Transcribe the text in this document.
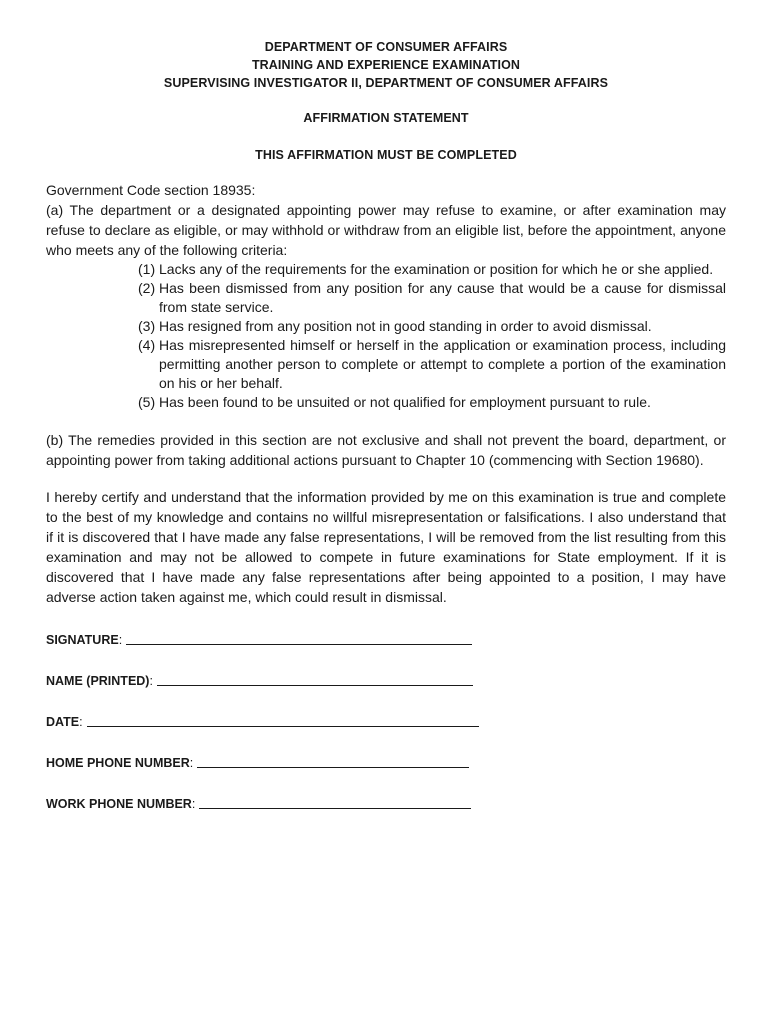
DEPARTMENT OF CONSUMER AFFAIRS
TRAINING AND EXPERIENCE EXAMINATION
SUPERVISING INVESTIGATOR II, DEPARTMENT OF CONSUMER AFFAIRS
AFFIRMATION STATEMENT
THIS AFFIRMATION MUST BE COMPLETED

Government Code section 18935:

(a) The department or a designated appointing power may refuse to examine, or after examination may refuse to declare as eligible, or may withhold or withdraw from an eligible list, before the appointment, anyone who meets any of the following criteria:

(1) Lacks any of the requirements for the examination or position for which he or she applied.
(2) Has been dismissed from any position for any cause that would be a cause for dismissal from state service.
(3) Has resigned from any position not in good standing in order to avoid dismissal.
(4) Has misrepresented himself or herself in the application or examination process, including permitting another person to complete or attempt to complete a portion of the examination on his or her behalf.
(5) Has been found to be unsuited or not qualified for employment pursuant to rule.

(b) The remedies provided in this section are not exclusive and shall not prevent the board, department, or appointing power from taking additional actions pursuant to Chapter 10 (commencing with Section 19680).

I hereby certify and understand that the information provided by me on this examination is true and complete to the best of my knowledge and contains no willful misrepresentation or falsifications. I also understand that if it is discovered that I have made any false representations, I will be removed from the list resulting from this examination and may not be allowed to compete in future examinations for State employment. If it is discovered that I have made any false representations after being appointed to a position, I may have adverse action taken against me, which could result in dismissal.

SIGNATURE :
NAME (PRINTED) :
DATE :
HOME PHONE NUMBER :
WORK PHONE NUMBER :
